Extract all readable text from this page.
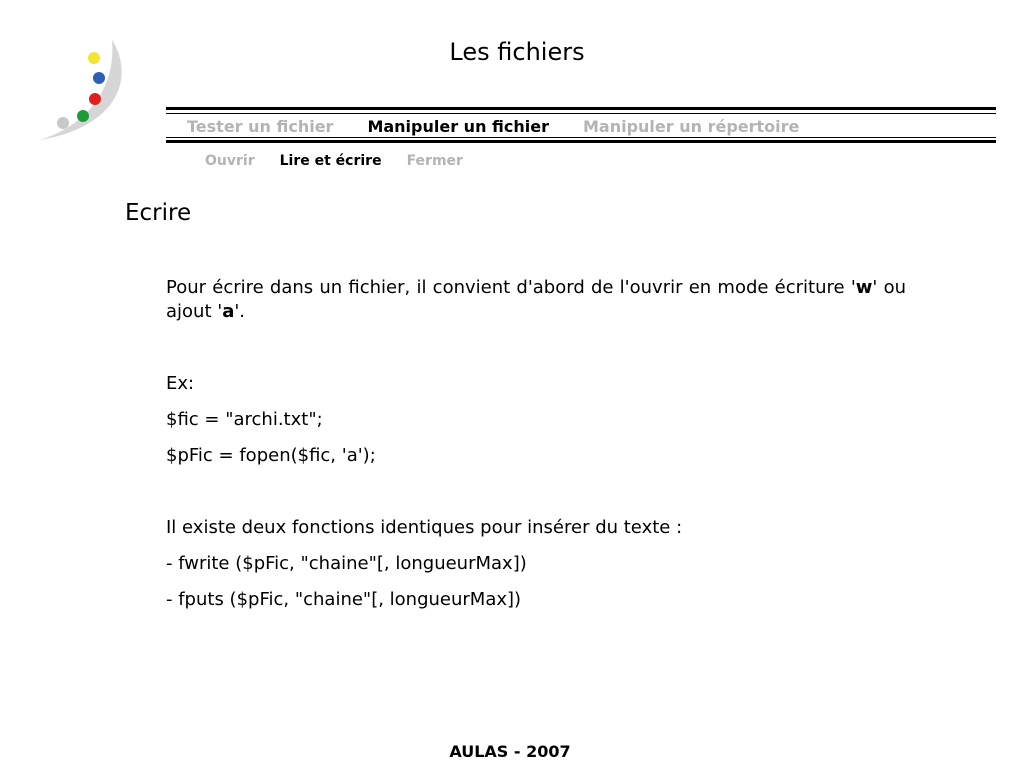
Les fichiers
Tester un fichier Manipuler un fichier Manipuler un répertoire
Ouvrir Lire et écrire Fermer
Ecrire

Pour écrire dans un fichier, il convient d'abord de l'ouvrir en mode écriture 'w' ou ajout 'a'.

Ex:

$fic = "archi.txt";

$pFic = fopen($fic, 'a');

Il existe deux fonctions identiques pour insérer du texte :

- fwrite ($pFic, "chaine"[, longueurMax])

- fputs ($pFic, "chaine"[, longueurMax])

AULAS - 2007
